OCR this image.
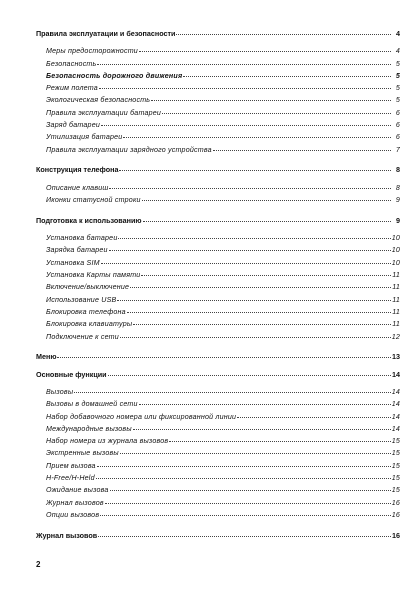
Правила эксплуатации и безопасности	4
Меры предосторожности	4
Безопасность	5
Безопасность дорожного движения	5
Режим полета	5
Экологическая безопасность	5
Правила эксплуатации батареи	6
Заряд батареи	6
Утилизация батареи	6
Правила эксплуатации зарядного устройства	7
Конструкция телефона	8
Описание клавиш	8
Иконки статусной строки	9
Подготовка к использованию	9
Установка батареи	10
Зарядка батареи	10
Установка SIM	10
Установка Карты памяти	11
Включение/выключение	11
Использование USB	11
Блокировка телефона	11
Блокировка клавиатуры	11
Подключение к сети	12
Меню	13
Основные функции	14
Вызовы	14
Вызовы в домашней сети	14
Набор добавочного номера или фиксированной линии	14
Международные вызовы	14
Набор номера из журнала вызовов	15
Экстренные вызовы	15
Прием вызова	15
H-Free/H-Held	15
Ожидание вызова	15
Журнал вызовов	16
Опции вызовов	16
Журнал вызовов	16
2
